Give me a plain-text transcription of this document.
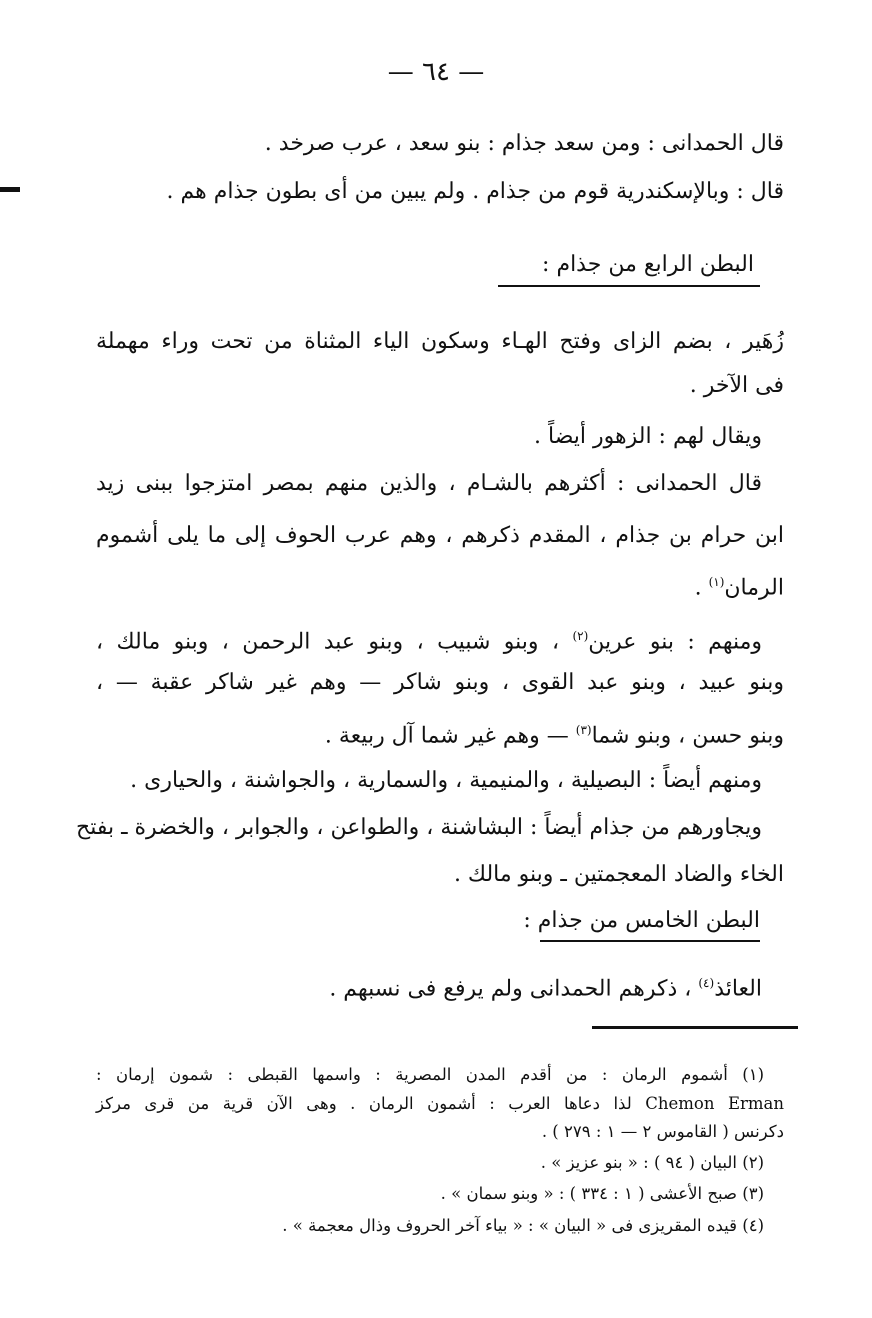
— ٦٤ —
قال الحمدانى : ومن سعد جذام : بنو سعد ، عرب صرخد .
قال : وبالإسكندرية قوم من جذام . ولم يبين من أى بطون جذام هم .
البطن الرابع من جذام :
زُهَير ، بضم الزاى وفتح الهـاء وسكون الياء المثناة من تحت وراء مهملة
فى الآخر .
ويقال لهم : الزهور أيضاً .
قال الحمدانى : أكثرهم بالشـام ، والذين منهم بمصر امتزجوا ببنى زيد
ابن حرام بن جذام ، المقدم ذكرهم ، وهم عرب الحوف إلى ما يلى أشموم
الرمان$^{(١)}$ .
ومنهم : بنو عرين$^{(٢)}$ ، وبنو شبيب ، وبنو عبد الرحمن ، وبنو مالك ،
وبنو عبيد ، وبنو عبد القوى ، وبنو شاكر — وهم غير شاكر عقبة — ،
وبنو حسن ، وبنو شما$^{(٣)}$ — وهم غير شما آل ربيعة .
ومنهم أيضاً : البصيلية ، والمنيمية ، والسمارية ، والجواشنة ، والحيارى .
ويجاورهم من جذام أيضاً : البشاشنة ، والطواعن ، والجوابر ، والخضرة ـ بفتح
الخاء والضاد المعجمتين ـ وبنو مالك .
البطن الخامس من جذام :
العائذ$^{(٤)}$ ، ذكرهم الحمدانى ولم يرفع فى نسبهم .
(١) أشموم الرمان : من أقدم المدن المصرية : واسمها القبطى : شمون إرمان :
Chemon Erman لذا دعاها العرب : أشمون الرمان . وهى الآن قرية من قرى مركز
دكرنس ( القاموس ٢ — ١ : ٢٧٩ ) .
(٢) البيان ( ٩٤ ) : « بنو عزيز » .
(٣) صبح الأعشى ( ١ : ٣٣٤ ) : « وبنو سمان » .
(٤) قيده المقريزى فى « البيان » : « بياء آخر الحروف وذال معجمة » .
